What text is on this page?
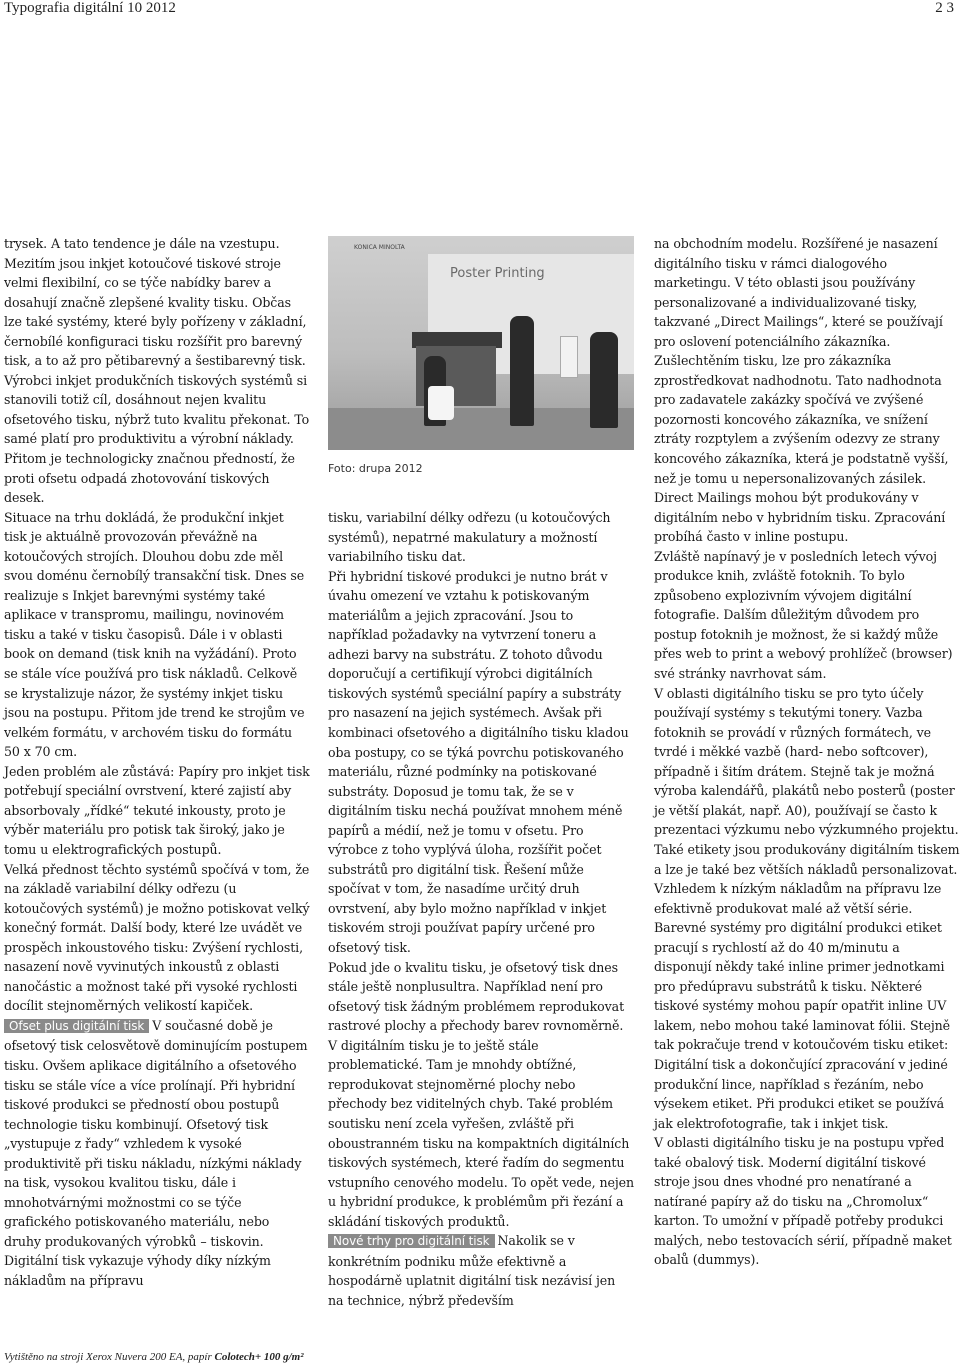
Typografia digitální 10 2012	2 3

trysek. A tato tendence je dále na vzestupu. Mezitím jsou inkjet kotoučové tiskové stroje velmi flexibilní, co se týče nabídky barev a dosahují značně zlepšené kvality tisku. Občas lze také systémy, které byly pořízeny v základní, černobílé konfiguraci tisku rozšířit pro barevný tisk, a to až pro pětibarevný a šestibarevný tisk. Výrobci inkjet produkčních tiskových systémů si stanovili totiž cíl, dosáhnout nejen kvalitu ofsetového tisku, nýbrž tuto kvalitu překonat. To samé platí pro produktivitu a výrobní náklady. Přitom je technologicky značnou předností, že proti ofsetu odpadá zhotovování tiskových desek.

Situace na trhu dokládá, že produkční inkjet tisk je aktuálně provozován převážně na kotoučových strojích. Dlouhou dobu zde měl svou doménu černobílý transakční tisk. Dnes se realizuje s Inkjet barevnými systémy také aplikace v transpromu, mailingu, novinovém tisku a také v tisku časopisů. Dále i v oblasti book on demand (tisk knih na vyžádání). Proto se stále více používá pro tisk nákladů. Celkově se krystalizuje názor, že systémy inkjet tisku jsou na postupu. Přitom jde trend ke strojům ve velkém formátu, v archovém tisku do formátu 50 x 70 cm.

Jeden problém ale zůstává: Papíry pro inkjet tisk potřebují speciální ovrstvení, které zajistí aby absorbovaly „řídké“ tekuté inkousty, proto je výběr materiálu pro potisk tak široký, jako je tomu u elektrografických postupů.

Velká přednost těchto systémů spočívá v tom, že na základě variabilní délky odřezu (u kotoučových systémů) je možno potiskovat velký konečný formát. Další body, které lze uvádět ve prospěch inkoustového tisku: Zvýšení rychlosti, nasazení nově vyvinutých inkoustů z oblasti nanočástic a možnost také při vysoké rychlosti docílit stejnoměrných velikostí kapiček.

Ofset plus digitální tisk V současné době je ofsetový tisk celosvětově dominujícím postupem tisku. Ovšem aplikace digitálního a ofsetového tisku se stále více a více prolínají. Při hybridní tiskové produkci se předností obou postupů technologie tisku kombinují. Ofsetový tisk „vystupuje z řady“ vzhledem k vysoké produktivitě při tisku nákladu, nízkými náklady na tisk, vysokou kvalitou tisku, dále i mnohotvárnými možnostmi co se týče grafického potiskovaného materiálu, nebo druhy produkovaných výrobků – tiskovin. Digitální tisk vykazuje výhody díky nízkým nákladům na přípravu

Poster Printing
KONICA MINOLTA
Foto: drupa 2012

tisku, variabilní délky odřezu (u kotoučových systémů), nepatrné makulatury a možností variabilního tisku dat.

Při hybridní tiskové produkci je nutno brát v úvahu omezení ve vztahu k potiskovaným materiálům a jejich zpracování. Jsou to například požadavky na vytvrzení toneru a adhezi barvy na substrátu. Z tohoto důvodu doporučují a certifikují výrobci digitálních tiskových systémů speciální papíry a substráty pro nasazení na jejich systémech. Avšak při kombinaci ofsetového a digitálního tisku kladou oba postupy, co se týká povrchu potiskovaného materiálu, různé podmínky na potiskované substráty. Doposud je tomu tak, že se v digitálním tisku nechá používat mnohem méně papírů a médií, než je tomu v ofsetu. Pro výrobce z toho vyplývá úloha, rozšířit počet substrátů pro digitální tisk. Řešení může spočívat v tom, že nasadíme určitý druh ovrstvení, aby bylo možno například v inkjet tiskovém stroji používat papíry určené pro ofsetový tisk.

Pokud jde o kvalitu tisku, je ofsetový tisk dnes stále ještě nonplusultra. Například není pro ofsetový tisk žádným problémem reprodukovat rastrové plochy a přechody barev rovnoměrně. V digitálním tisku je to ještě stále problematické. Tam je mnohdy obtížné, reprodukovat stejnoměrné plochy nebo přechody bez viditelných chyb. Také problém soutisku není zcela vyřešen, zvláště při oboustranném tisku na kompaktních digitálních tiskových systémech, které řadím do segmentu vstupního cenového modelu. To opět vede, nejen u hybridní produkce, k problémům při řezání a skládání tiskových produktů.

Nové trhy pro digitální tisk Nakolik se v konkrétním podniku může efektivně a hospodárně uplatnit digitální tisk nezávisí jen na technice, nýbrž především

na obchodním modelu. Rozšířené je nasazení digitálního tisku v rámci dialogového marketingu. V této oblasti jsou používány personalizované a individualizované tisky, takzvané „Direct Mailings“, které se používají pro oslovení potenciálního zákazníka. Zušlechtěním tisku, lze pro zákazníka zprostředkovat nadhodnotu. Tato nadhodnota pro zadavatele zakázky spočívá ve zvýšené pozornosti koncového zákazníka, ve snížení ztráty rozptylem a zvýšením odezvy ze strany koncového zákazníka, která je podstatně vyšší, než je tomu u nepersonalizovaných zásilek.

Direct Mailings mohou být produkovány v digitálním nebo v hybridním tisku. Zpracování probíhá často v inline postupu.

Zvláště napínavý je v posledních letech vývoj produkce knih, zvláště fotoknih. To bylo způsobeno explozivním vývojem digitální fotografie. Dalším důležitým důvodem pro postup fotoknih je možnost, že si každý může přes web to print a webový prohlížeč (browser) své stránky navrhovat sám.

V oblasti digitálního tisku se pro tyto účely používají systémy s tekutými tonery. Vazba fotoknih se provádí v různých formátech, ve tvrdé i měkké vazbě (hard- nebo softcover), případně i šitím drátem. Stejně tak je možná výroba kalendářů, plakátů nebo posterů (poster je větší plakát, např. A0), používají se často k prezentaci výzkumu nebo výzkumného projektu.

Také etikety jsou produkovány digitálním tiskem a lze je také bez větších nákladů personalizovat. Vzhledem k nízkým nákladům na přípravu lze efektivně produkovat malé až větší série. Barevné systémy pro digitální produkci etiket pracují s rychlostí až do 40 m/minutu a disponují někdy také inline primer jednotkami pro předúpravu substrátů k tisku. Některé tiskové systémy mohou papír opatřit inline UV lakem, nebo mohou také laminovat fólii. Stejně tak pokračuje trend v kotoučovém tisku etiket: Digitální tisk a dokončující zpracování v jediné produkční lince, například s řezáním, nebo výsekem etiket. Při produkci etiket se používá jak elektrofotografie, tak i inkjet tisk.

V oblasti digitálního tisku je na postupu vpřed také obalový tisk. Moderní digitální tiskové stroje jsou dnes vhodné pro nenatírané a natírané papíry až do tisku na „Chromolux“ karton. To umožní v případě potřeby produkci malých, nebo testovacích sérií, případně maket obalů (dummys).

Vytištěno na stroji Xerox Nuvera 200 EA, papír Colotech+ 100 g/m²
